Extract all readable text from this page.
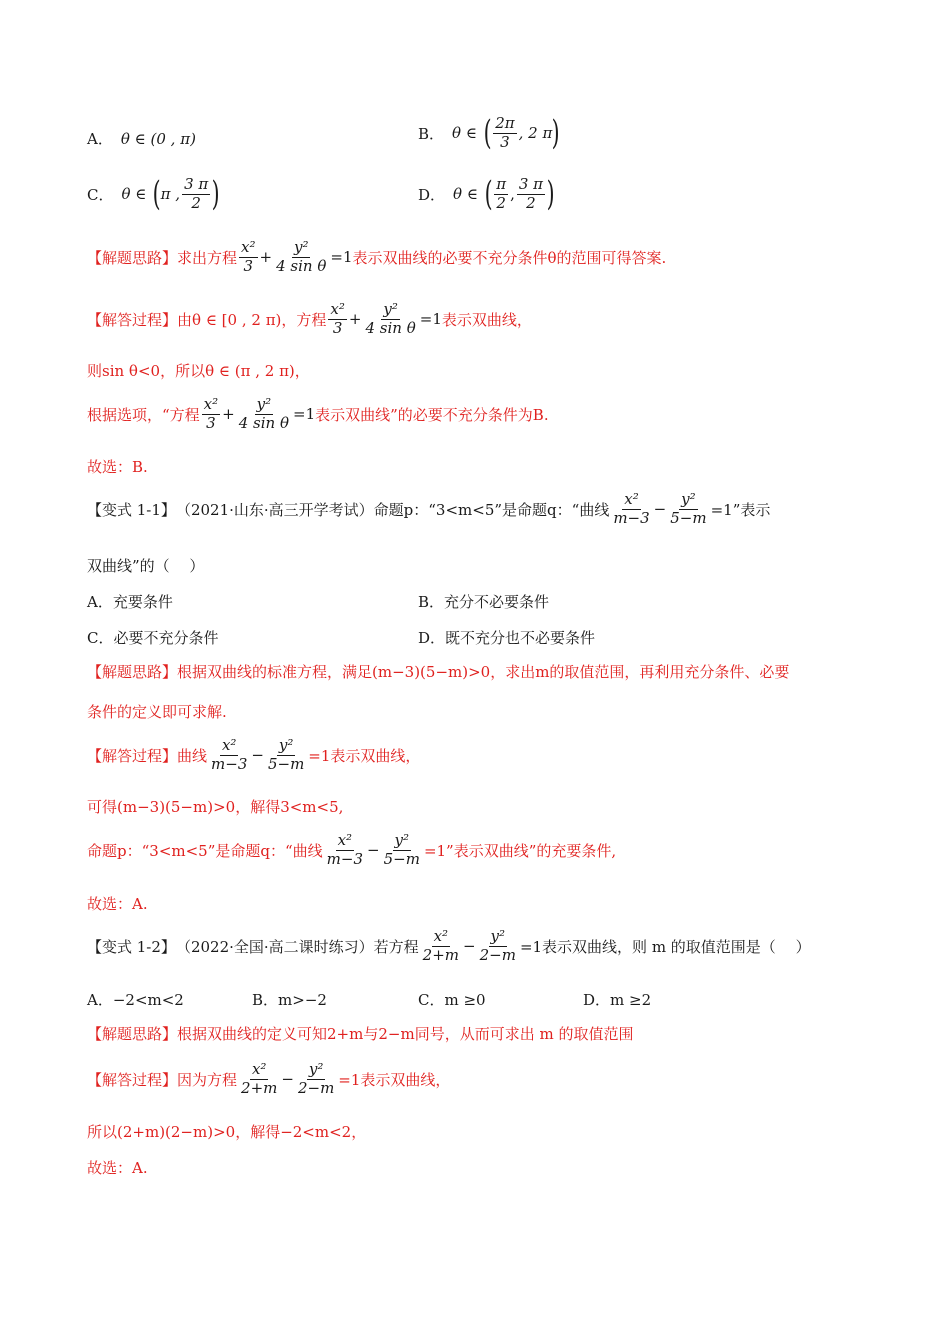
A． θ ∈ (0 , π)	B． θ ∈ ( $\frac{2\pi}{3}$ , 2 π )
C． θ ∈ ( π , $\frac{3 \pi}{2}$ )	D． θ ∈ ( $\frac{\pi}{2}$ , $\frac{3 \pi}{2}$ )
【解题思路】 求出方程 $\frac{\text{x²}}{3} + \frac{\text{y²}}{\text{4 sin θ}} =1$ 表示双曲线的必要不充分条件θ的范围可得答案.
【解答过程】 由θ ∈ [0 , 2 π)，方程 $\frac{\text{x²}}{3} + \frac{\text{y²}}{\text{4 sin θ}} =1$ 表示双曲线，
则sin θ<0，所以θ ∈ (π , 2 π)，
根据选项，“方程 $\frac{\text{x²}}{3} + \frac{\text{y²}}{\text{4 sin θ}} =1$ 表示双曲线”的必要不充分条件为B.
故选：B.
【变式 1-1】 （2021·山东·高三开学考试） 命题p：“3<m<5”是命题q：“曲线 $\frac{\text{x²}}{m-3} - \frac{\text{y²}}{5-m} =1$”表示
双曲线”的（　 ）
A．充要条件	B．充分不必要条件
C．必要不充分条件	D．既不充分也不必要条件
【解题思路】 根据双曲线的标准方程，满足(m−3)(5−m)>0，求出m的取值范围，再利用充分条件、必要
条件的定义即可求解.
【解答过程】 曲线 $\frac{\text{x²}}{m-3} - \frac{\text{y²}}{5-m} =1$表示双曲线，
可得(m−3)(5−m)>0，解得3<m<5,
命题p：“3<m<5”是命题q：“曲线 $\frac{\text{x²}}{m-3} - \frac{\text{y²}}{5-m} =1$”表示双曲线”的充要条件,
故选：A.
【变式 1-2】 （2022·全国·高二课时练习） 若方程 $\frac{\text{x²}}{2+m} - \frac{\text{y²}}{2-m} =1$表示双曲线，则 m 的取值范围是（　 ）
A．−2<m<2	B．m>−2	C．m ≥0	D．m ≥2
【解题思路】 根据双曲线的定义可知2+m与2−m同号，从而可求出 m 的取值范围
【解答过程】 因为方程 $\frac{\text{x²}}{2+m} - \frac{\text{y²}}{2-m} =1$表示双曲线，
所以(2+m)(2−m)>0，解得−2<m<2，
故选：A.
